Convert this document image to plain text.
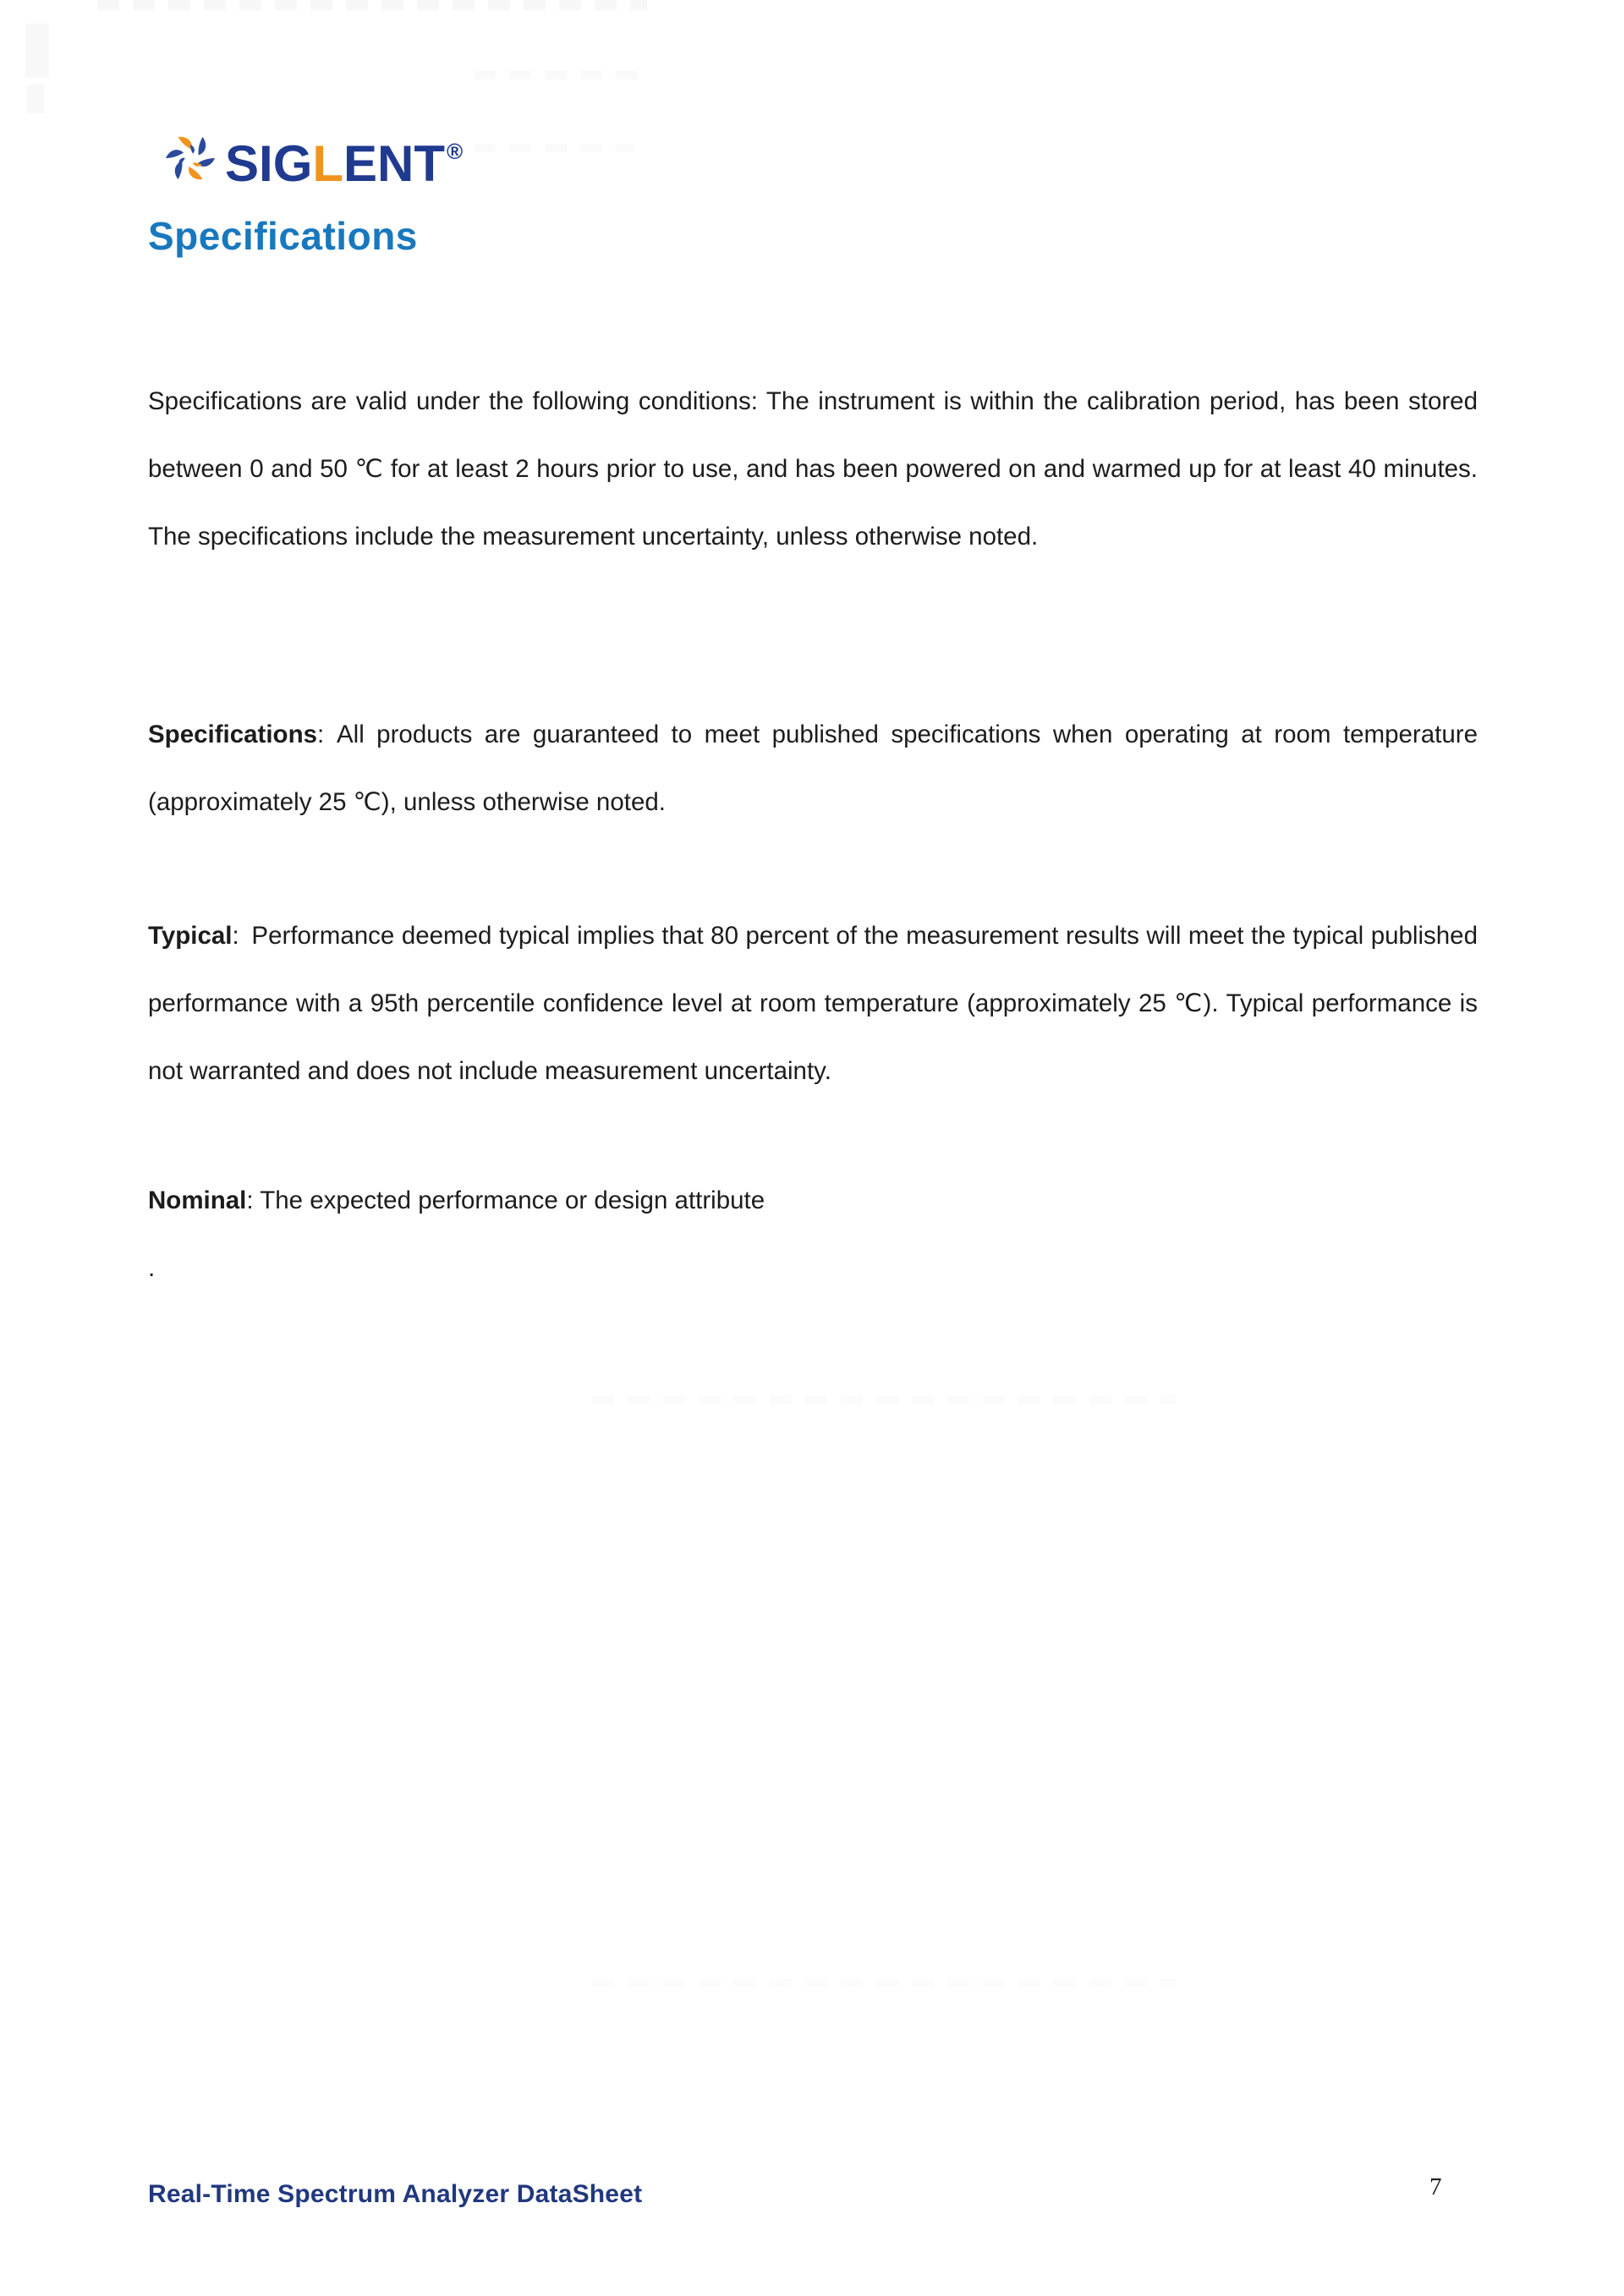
SIGLENT®
Specifications

Specifications are valid under the following conditions: The instrument is within the calibration period, has been stored between 0 and 50 ℃ for at least 2 hours prior to use, and has been powered on and warmed up for at least 40 minutes. The specifications include the measurement uncertainty, unless otherwise noted.

Specifications: All products are guaranteed to meet published specifications when operating at room temperature (approximately 25 ℃), unless otherwise noted.

Typical: Performance deemed typical implies that 80 percent of the measurement results will meet the typical published performance with a 95th percentile confidence level at room temperature (approximately 25 ℃). Typical performance is not warranted and does not include measurement uncertainty.

Nominal: The expected performance or design attribute

.

Real-Time Spectrum Analyzer DataSheet	7
